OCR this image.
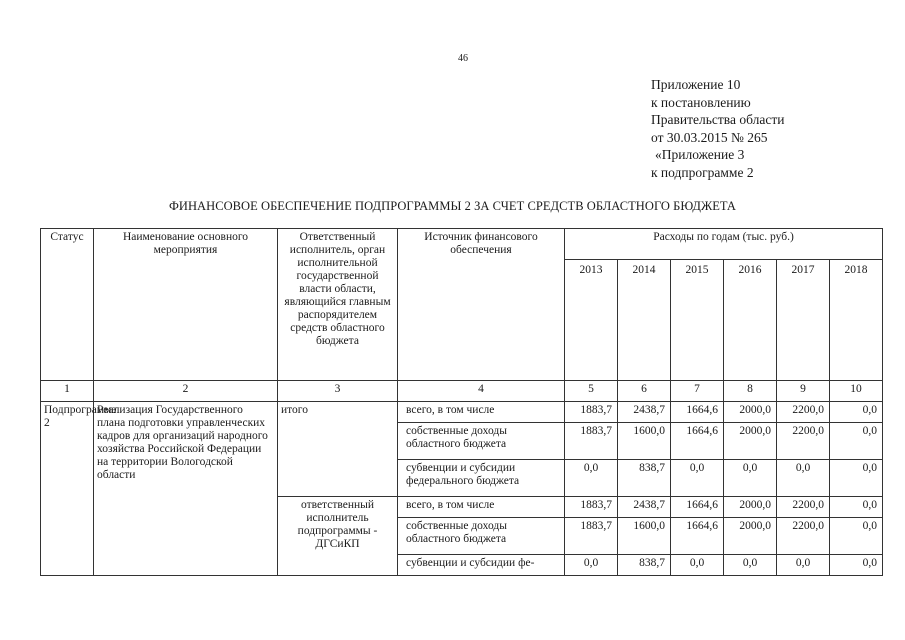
46
Приложение 10
к постановлению
Правительства области
от 30.03.2015 № 265
«Приложение 3
к подпрограмме 2
ФИНАНСОВОЕ ОБЕСПЕЧЕНИЕ ПОДПРОГРАММЫ 2 ЗА СЧЕТ СРЕДСТВ ОБЛАСТНОГО БЮДЖЕТА
Статус	Наименование основного мероприятия	Ответственный исполнитель, орган исполнительной государственной власти области, являющийся главным распорядителем средств областного бюджета	Источник финансового обеспечения	Расходы по годам (тыс. руб.)					
				2013	2014	2015	2016	2017	2018
1	2	3	4	5	6	7	8	9	10
Подпрограмма 2	Реализация Государственного плана подготовки управленческих кадров для организаций народного хозяйства Российской Федерации на территории Вологодской области	итого	всего, в том числе	1883,7	2438,7	1664,6	2000,0	2200,0	0,0
			собственные доходы областного бюджета	1883,7	1600,0	1664,6	2000,0	2200,0	0,0
			субвенции и субсидии федерального бюджета	0,0	838,7	0,0	0,0	0,0	0,0
		ответственный исполнитель подпрограммы - ДГСиКП	всего, в том числе	1883,7	2438,7	1664,6	2000,0	2200,0	0,0
			собственные доходы областного бюджета	1883,7	1600,0	1664,6	2000,0	2200,0	0,0
			субвенции и субсидии фе-	0,0	838,7	0,0	0,0	0,0	0,0
